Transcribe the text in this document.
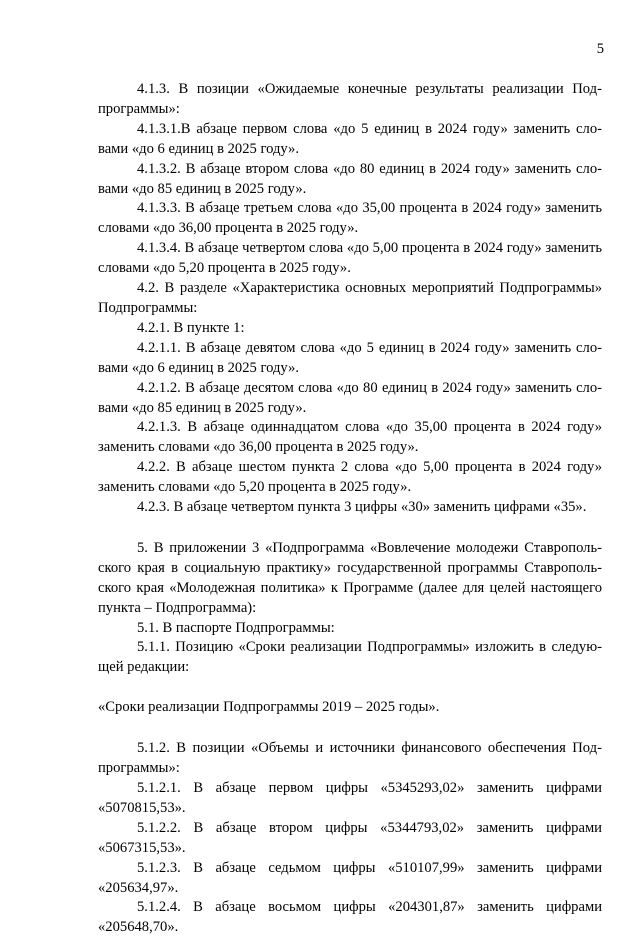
5

4.1.3. В позиции «Ожидаемые конечные результаты реализации Подпрограммы»:

4.1.3.1.В абзаце первом слова «до 5 единиц в 2024 году» заменить словами «до 6 единиц в 2025 году».

4.1.3.2. В абзаце втором слова «до 80 единиц в 2024 году» заменить словами «до 85 единиц в 2025 году».

4.1.3.3. В абзаце третьем слова «до 35,00 процента в 2024 году» заменить словами «до 36,00 процента в 2025 году».

4.1.3.4. В абзаце четвертом слова «до 5,00 процента в 2024 году» заменить словами «до 5,20 процента в 2025 году».

4.2. В разделе «Характеристика основных мероприятий Подпрограммы» Подпрограммы:

4.2.1. В пункте 1:

4.2.1.1. В абзаце девятом слова «до 5 единиц в 2024 году» заменить словами «до 6 единиц в 2025 году».

4.2.1.2. В абзаце десятом слова «до 80 единиц в 2024 году» заменить словами «до 85 единиц в 2025 году».

4.2.1.3. В абзаце одиннадцатом слова «до 35,00 процента в 2024 году» заменить словами «до 36,00 процента в 2025 году».

4.2.2. В абзаце шестом пункта 2 слова «до 5,00 процента в 2024 году» заменить словами «до 5,20 процента в 2025 году».

4.2.3. В абзаце четвертом пункта 3 цифры «30» заменить цифрами «35».

5. В приложении 3 «Подпрограмма «Вовлечение молодежи Ставропольского края в социальную практику» государственной программы Ставропольского края «Молодежная политика» к Программе (далее для целей настоящего пункта – Подпрограмма):

5.1. В паспорте Подпрограммы:

5.1.1. Позицию «Сроки реализации Подпрограммы» изложить в следующей редакции:

«Сроки реализации Подпрограммы 2019 – 2025 годы».

5.1.2. В позиции «Объемы и источники финансового обеспечения Подпрограммы»:

5.1.2.1. В абзаце первом цифры «5345293,02» заменить цифрами «5070815,53».

5.1.2.2. В абзаце втором цифры «5344793,02» заменить цифрами «5067315,53».

5.1.2.3. В абзаце седьмом цифры «510107,99» заменить цифрами «205634,97».

5.1.2.4. В абзаце восьмом цифры «204301,87» заменить цифрами «205648,70».
